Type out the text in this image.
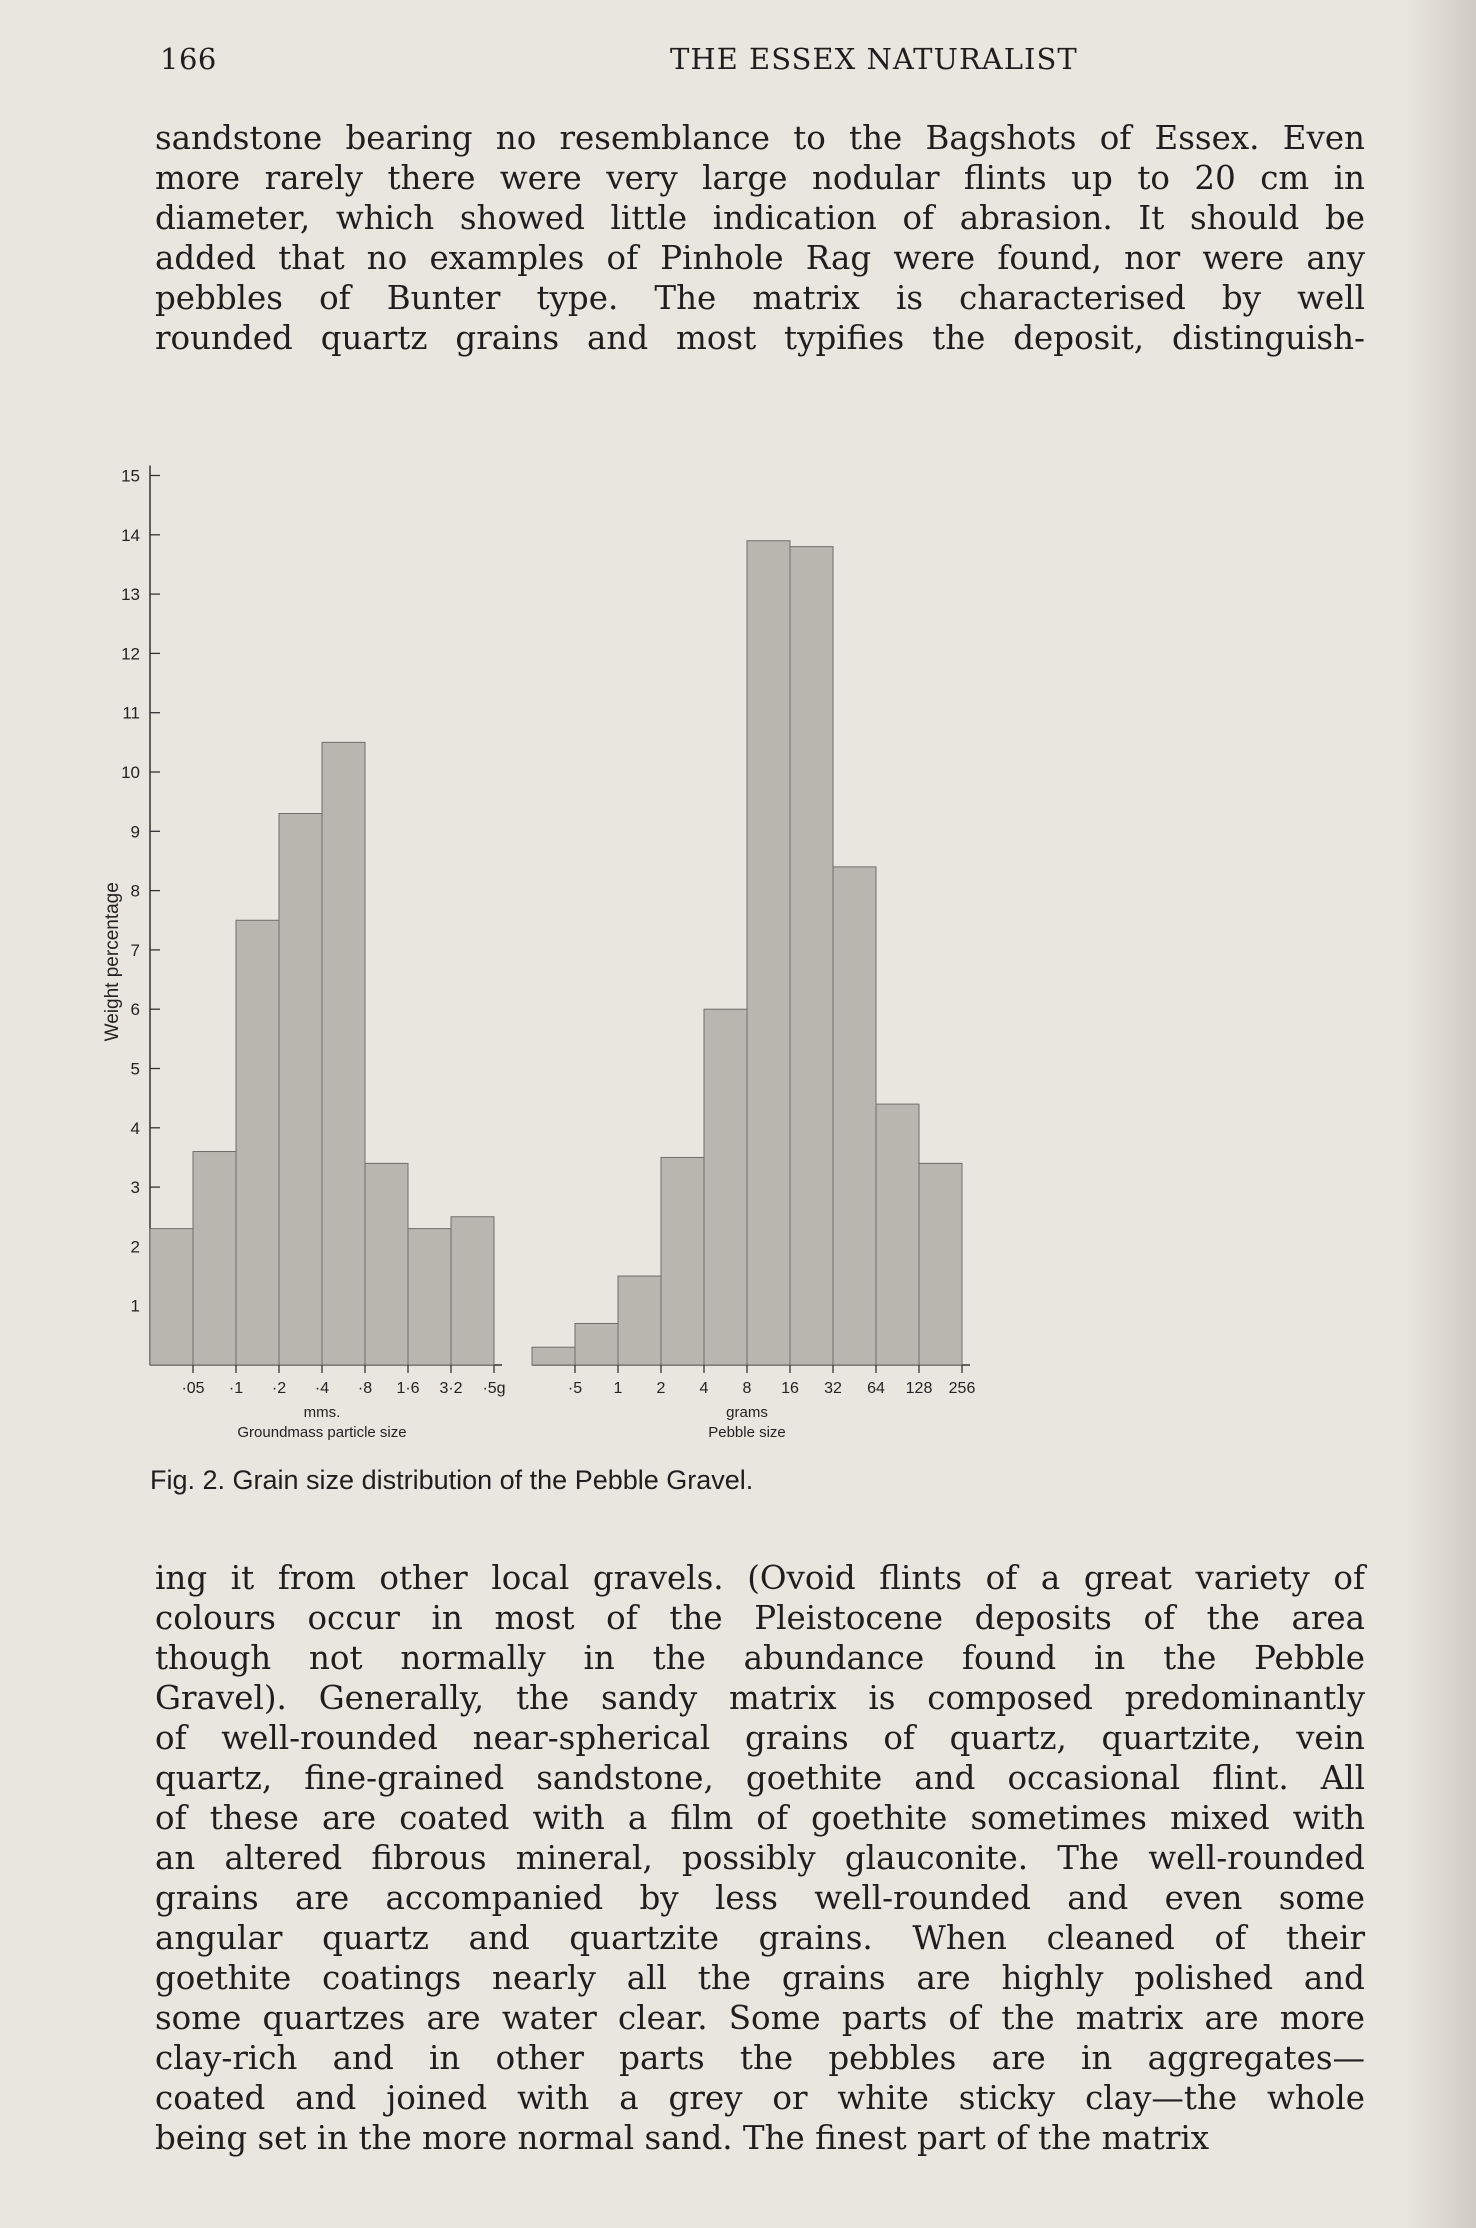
166	THE ESSEX NATURALIST
sandstone bearing no resemblance to the Bagshots of Essex. Even
more rarely there were very large nodular flints up to 20 cm in
diameter, which showed little indication of abrasion. It should be
added that no examples of Pinhole Rag were found, nor were any
pebbles of Bunter type. The matrix is characterised by well
rounded quartz grains and most typifies the deposit, distinguish-
1
2
3
4
5
6
7
8
9
10
11
12
13
14
15
Weight percentage
·05 ·1 ·2 ·4 ·8 1·6 3·2 ·5g
mms.
Groundmass particle size
·5 1 2 4 8 16 32 64 128 256
grams
Pebble size
Fig. 2. Grain size distribution of the Pebble Gravel.
ing it from other local gravels. (Ovoid flints of a great variety of
colours occur in most of the Pleistocene deposits of the area
though not normally in the abundance found in the Pebble
Gravel). Generally, the sandy matrix is composed predominantly
of well-rounded near-spherical grains of quartz, quartzite, vein
quartz, fine-grained sandstone, goethite and occasional flint. All
of these are coated with a film of goethite sometimes mixed with
an altered fibrous mineral, possibly glauconite. The well-rounded
grains are accompanied by less well-rounded and even some
angular quartz and quartzite grains. When cleaned of their
goethite coatings nearly all the grains are highly polished and
some quartzes are water clear. Some parts of the matrix are more
clay-rich and in other parts the pebbles are in aggregates—
coated and joined with a grey or white sticky clay—the whole
being set in the more normal sand. The finest part of the matrix
